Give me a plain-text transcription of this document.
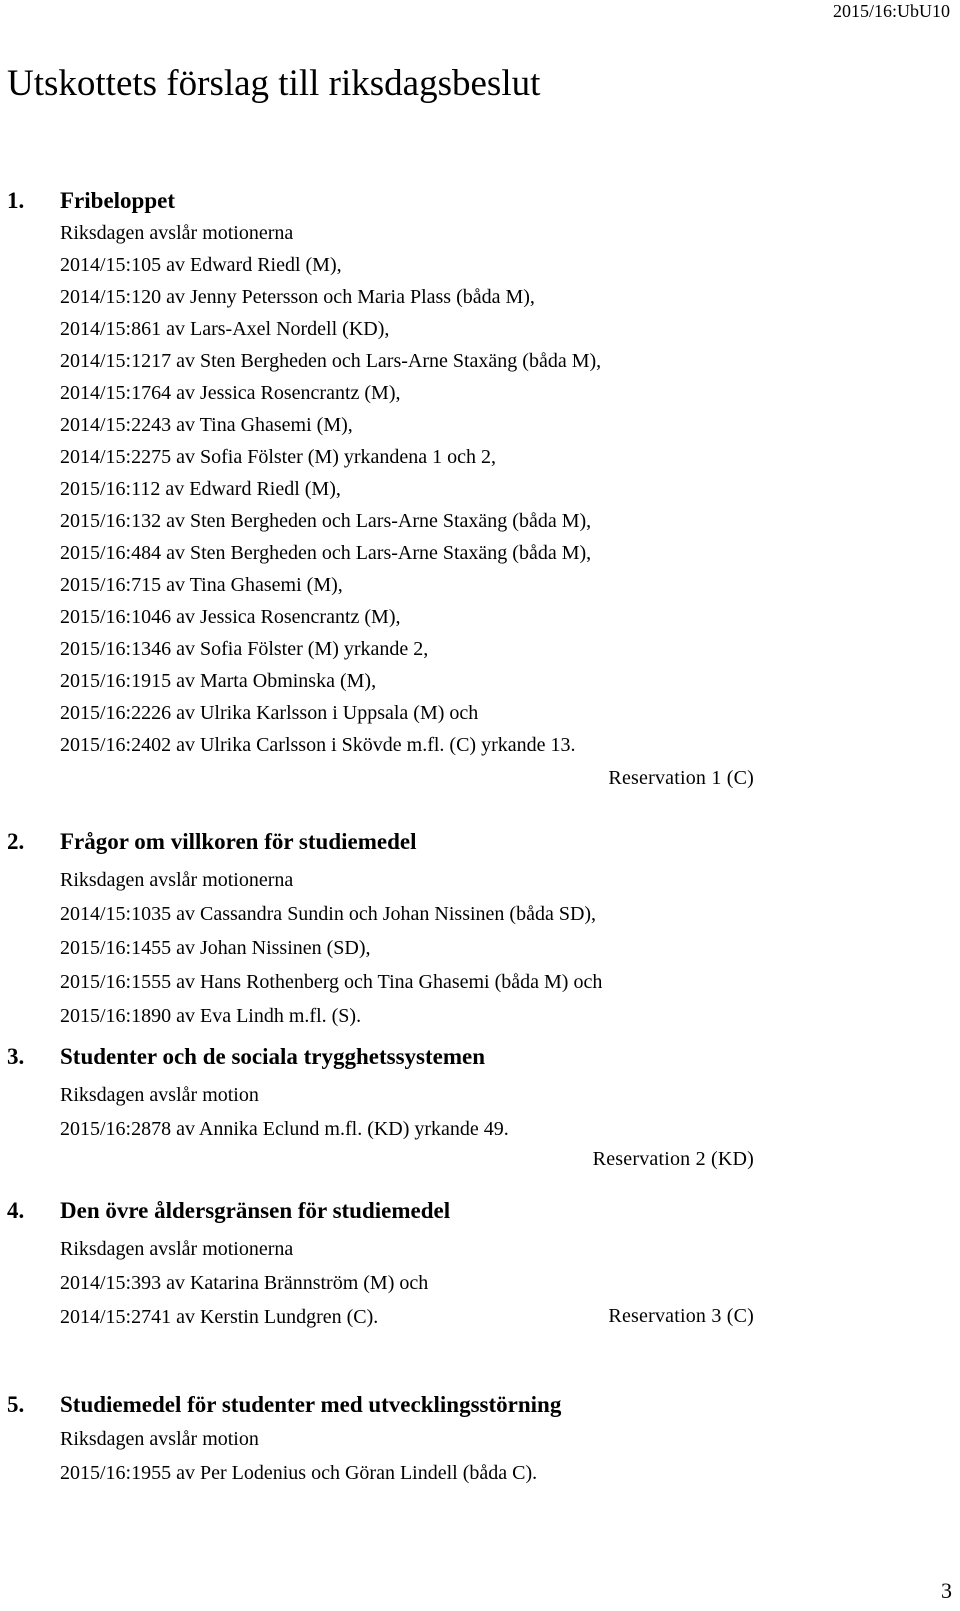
2015/16:UbU10
Utskottets förslag till riksdagsbeslut
1. Fribeloppet

Riksdagen avslår motionerna

2014/15:105 av Edward Riedl (M),

2014/15:120 av Jenny Petersson och Maria Plass (båda M),

2014/15:861 av Lars-Axel Nordell (KD),

2014/15:1217 av Sten Bergheden och Lars-Arne Staxäng (båda M),

2014/15:1764 av Jessica Rosencrantz (M),

2014/15:2243 av Tina Ghasemi (M),

2014/15:2275 av Sofia Fölster (M) yrkandena 1 och 2,

2015/16:112 av Edward Riedl (M),

2015/16:132 av Sten Bergheden och Lars-Arne Staxäng (båda M),

2015/16:484 av Sten Bergheden och Lars-Arne Staxäng (båda M),

2015/16:715 av Tina Ghasemi (M),

2015/16:1046 av Jessica Rosencrantz (M),

2015/16:1346 av Sofia Fölster (M) yrkande 2,

2015/16:1915 av Marta Obminska (M),

2015/16:2226 av Ulrika Karlsson i Uppsala (M) och

2015/16:2402 av Ulrika Carlsson i Skövde m.fl. (C) yrkande 13.

Reservation 1 (C)
2. Frågor om villkoren för studiemedel

Riksdagen avslår motionerna

2014/15:1035 av Cassandra Sundin och Johan Nissinen (båda SD),

2015/16:1455 av Johan Nissinen (SD),

2015/16:1555 av Hans Rothenberg och Tina Ghasemi (båda M) och

2015/16:1890 av Eva Lindh m.fl. (S).

3. Studenter och de sociala trygghetssystemen

Riksdagen avslår motion

2015/16:2878 av Annika Eclund m.fl. (KD) yrkande 49.

Reservation 2 (KD)
4. Den övre åldersgränsen för studiemedel

Riksdagen avslår motionerna

2014/15:393 av Katarina Brännström (M) och

2014/15:2741 av Kerstin Lundgren (C).	Reservation 3 (C)
5. Studiemedel för studenter med utvecklingsstörning

Riksdagen avslår motion

2015/16:1955 av Per Lodenius och Göran Lindell (båda C).

3
